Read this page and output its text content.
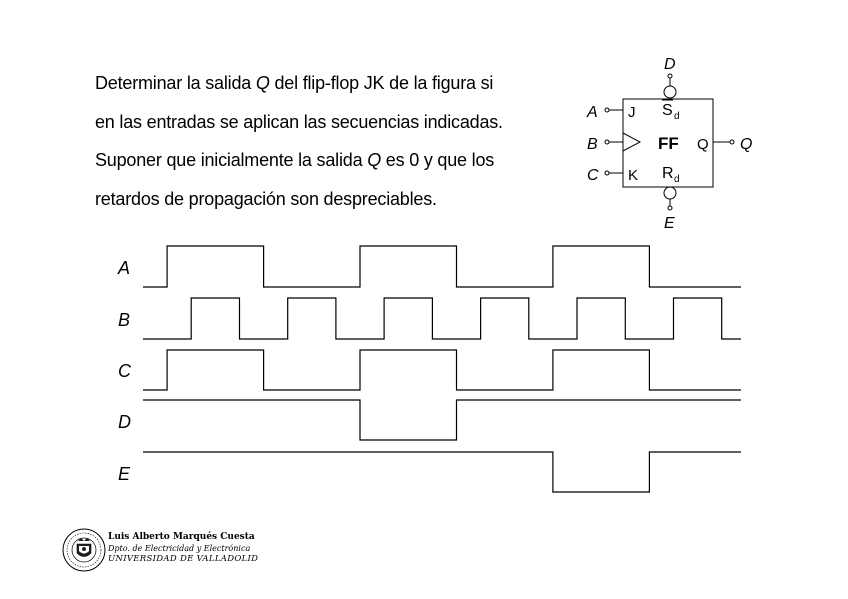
Determinar la salida Q del flip-flop JK de la figura si
en las entradas se aplican las secuencias indicadas.
Suponer que inicialmente la salida Q es 0 y que los
retardos de propagación son despreciables.

A
B
C
D
E
Q
J
K
Q
FF
S d
R d
A
B
C
D
E
Luis Alberto Marqués Cuesta
Dpto. de Electricidad y Electrónica
UNIVERSIDAD DE VALLADOLID
